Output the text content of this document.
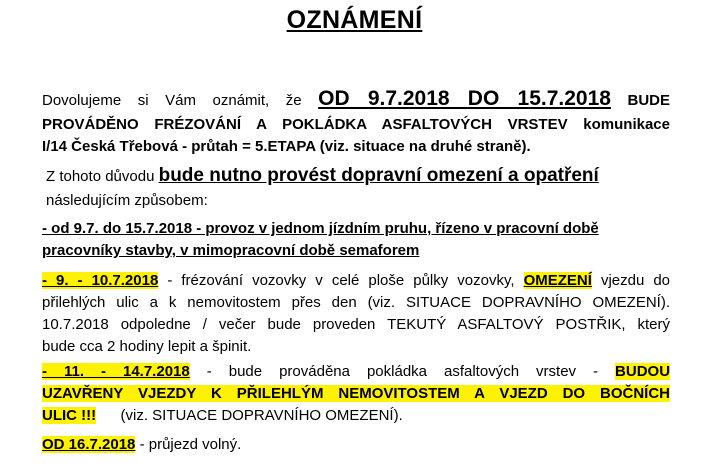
OZNÁMENÍ
Dovolujeme si Vám oznámit, že OD 9.7.2018 DO 15.7.2018 BUDE
PROVÁDĚNO FRÉZOVÁNÍ A POKLÁDKA ASFALTOVÝCH VRSTEV komunikace
I/14 Česká Třebová - průtah = 5.ETAPA (viz. situace na druhé straně).
Z tohoto důvodu bude nutno provést dopravní omezení a opatření
následujícím způsobem:
- od 9.7. do 15.7.2018 - provoz v jednom jízdním pruhu, řízeno v pracovní době
pracovníky stavby, v mimopracovní době semaforem
- 9. - 10.7.2018 - frézování vozovky v celé ploše půlky vozovky, OMEZENÍ vjezdu do
přilehlých ulic a k nemovitostem přes den (viz. SITUACE DOPRAVNÍHO OMEZENÍ).
10.7.2018 odpoledne / večer bude proveden TEKUTÝ ASFALTOVÝ POSTŘIK, který
bude cca 2 hodiny lepit a špinit.
- 11. - 14.7.2018 - bude prováděna pokládka asfaltových vrstev - BUDOU
UZAVŘENY VJEZDY K PŘILEHLÝM NEMOVITOSTEM A VJEZD DO BOČNÍCH
ULIC !!! (viz. SITUACE DOPRAVNÍHO OMEZENÍ).
OD 16.7.2018 - průjezd volný.
